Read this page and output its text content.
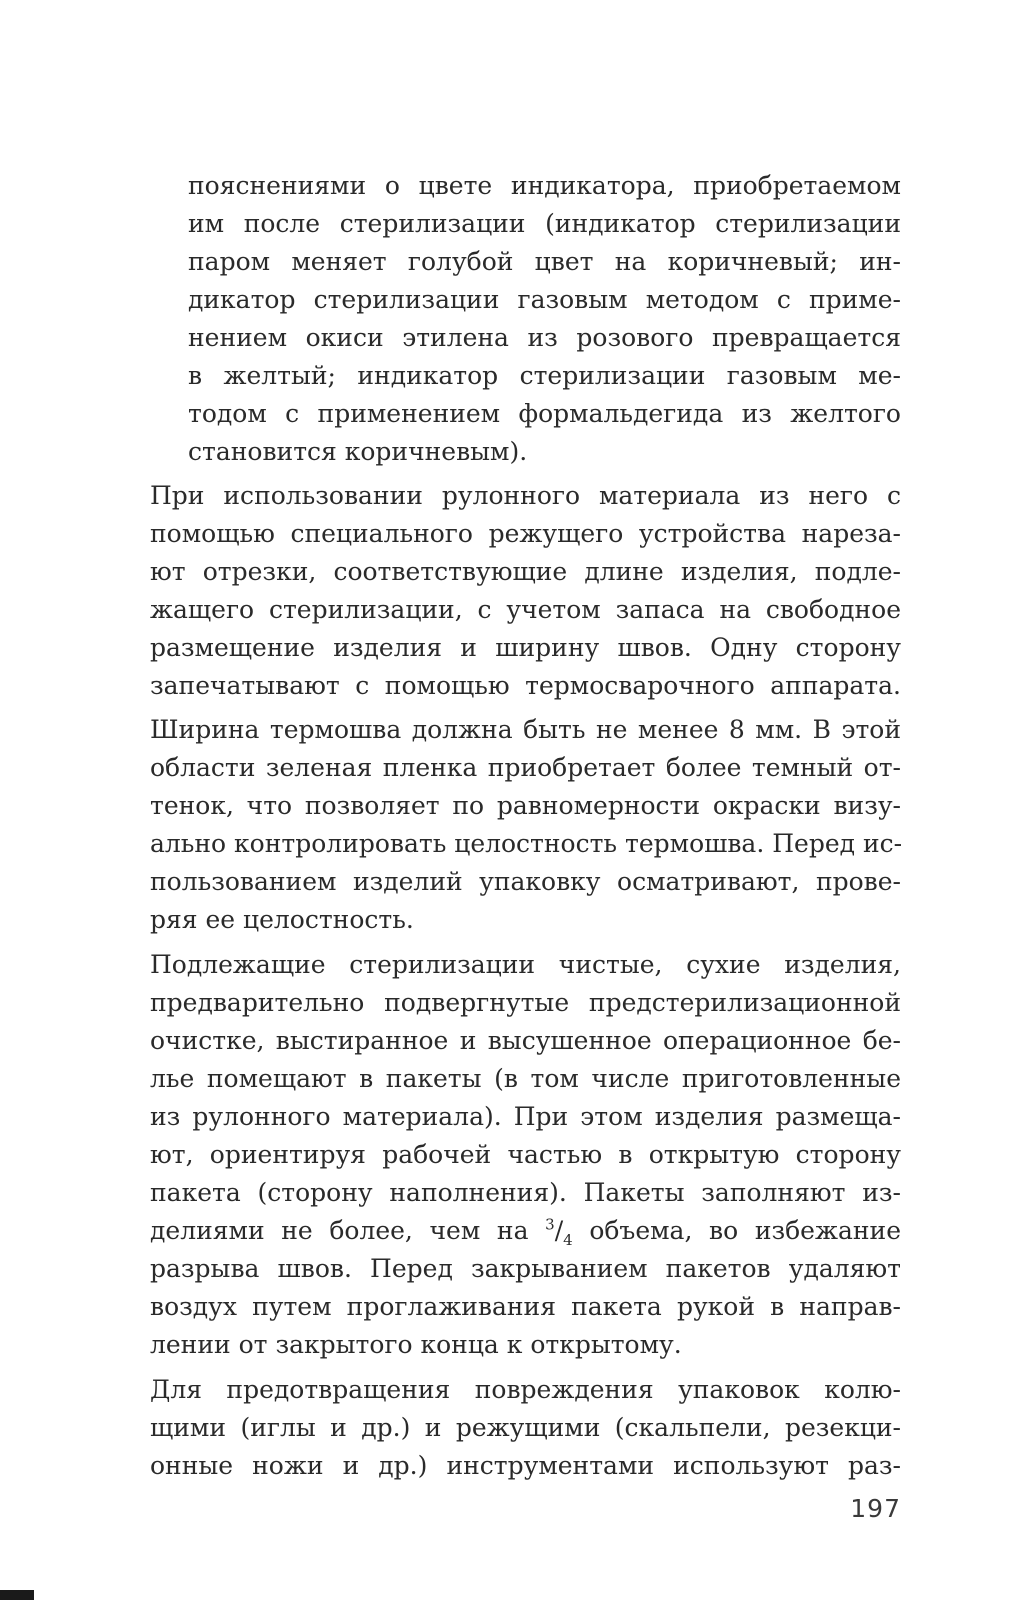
пояснениями о цвете индикатора, приобретаемом
им после стерилизации (индикатор стерилизации
паром меняет голубой цвет на коричневый; ин-
дикатор стерилизации газовым методом с приме-
нением окиси этилена из розового превращается
в желтый; индикатор стерилизации газовым ме-
тодом с применением формальдегида из желтого
становится коричневым).
При использовании рулонного материала из него с
помощью специального режущего устройства нареза-
ют отрезки, соответствующие длине изделия, подле-
жащего стерилизации, с учетом запаса на свободное
размещение изделия и ширину швов. Одну сторону
запечатывают с помощью термосварочного аппарата.
Ширина термошва должна быть не менее 8 мм. В этой
области зеленая пленка приобретает более темный от-
тенок, что позволяет по равномерности окраски визу-
ально контролировать целостность термошва. Перед ис-
пользованием изделий упаковку осматривают, прове-
ряя ее целостность.
Подлежащие стерилизации чистые, сухие изделия,
предварительно подвергнутые предстерилизационной
очистке, выстиранное и высушенное операционное бе-
лье помещают в пакеты (в том числе приготовленные
из рулонного материала). При этом изделия размеща-
ют, ориентируя рабочей частью в открытую сторону
пакета (сторону наполнения). Пакеты заполняют из-
делиями не более, чем на $^3/_4$ объема, во избежание
разрыва швов. Перед закрыванием пакетов удаляют
воздух путем проглаживания пакета рукой в направ-
лении от закрытого конца к открытому.
Для предотвращения повреждения упаковок колю-
щими (иглы и др.) и режущими (скальпели, резекци-
онные ножи и др.) инструментами используют раз-
197
